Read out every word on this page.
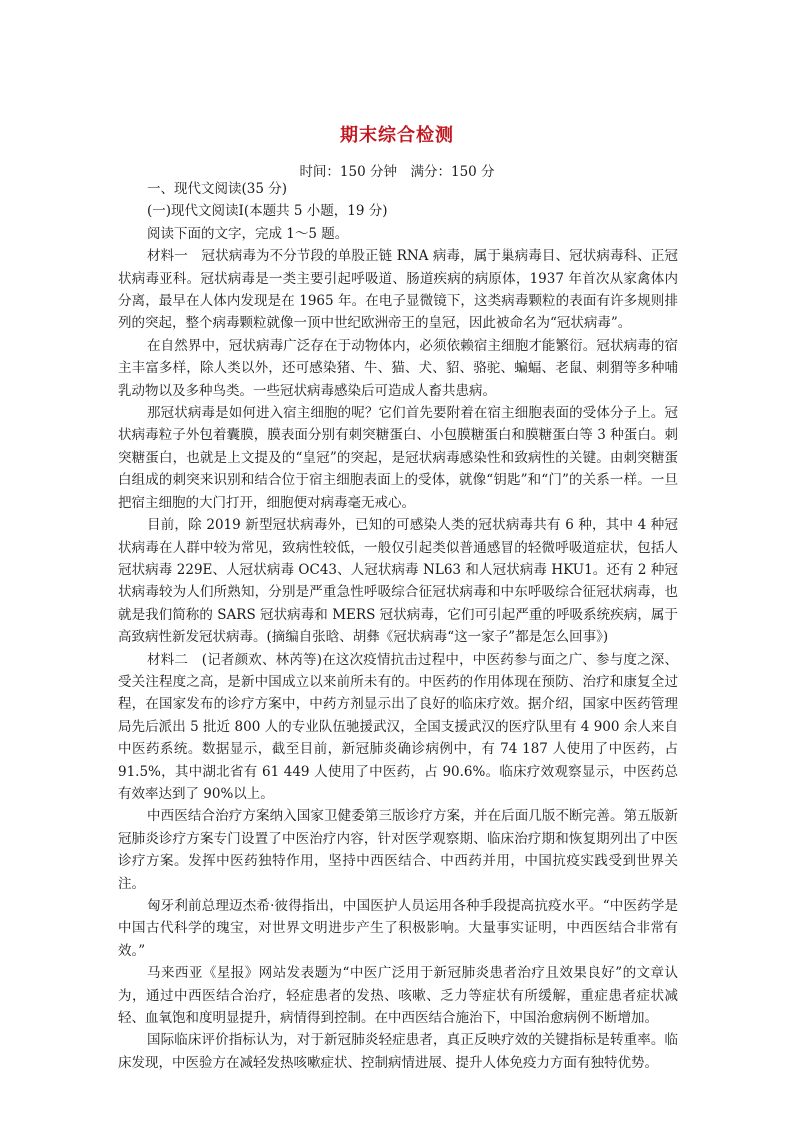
期末综合检测
时间：150 分钟　满分：150 分

一、现代文阅读(35 分)

(一)现代文阅读Ⅰ(本题共 5 小题，19 分)

阅读下面的文字，完成 1～5 题。

材料一　冠状病毒为不分节段的单股正链 RNA 病毒，属于巢病毒目、冠状病毒科、正冠状病毒亚科。冠状病毒是一类主要引起呼吸道、肠道疾病的病原体，1937 年首次从家禽体内分离，最早在人体内发现是在 1965 年。在电子显微镜下，这类病毒颗粒的表面有许多规则排列的突起，整个病毒颗粒就像一顶中世纪欧洲帝王的皇冠，因此被命名为“冠状病毒”。

在自然界中，冠状病毒广泛存在于动物体内，必须依赖宿主细胞才能繁衍。冠状病毒的宿主丰富多样，除人类以外，还可感染猪、牛、猫、犬、貂、骆驼、蝙蝠、老鼠、刺猬等多种哺乳动物以及多种鸟类。一些冠状病毒感染后可造成人畜共患病。

那冠状病毒是如何进入宿主细胞的呢？它们首先要附着在宿主细胞表面的受体分子上。冠状病毒粒子外包着囊膜，膜表面分别有刺突糖蛋白、小包膜糖蛋白和膜糖蛋白等 3 种蛋白。刺突糖蛋白，也就是上文提及的“皇冠”的突起，是冠状病毒感染性和致病性的关键。由刺突糖蛋白组成的刺突来识别和结合位于宿主细胞表面上的受体，就像“钥匙”和“门”的关系一样。一旦把宿主细胞的大门打开，细胞便对病毒毫无戒心。

目前，除 2019 新型冠状病毒外，已知的可感染人类的冠状病毒共有 6 种，其中 4 种冠状病毒在人群中较为常见，致病性较低，一般仅引起类似普通感冒的轻微呼吸道症状，包括人冠状病毒 229E、人冠状病毒 OC43、人冠状病毒 NL63 和人冠状病毒 HKU1。还有 2 种冠状病毒较为人们所熟知，分别是严重急性呼吸综合征冠状病毒和中东呼吸综合征冠状病毒，也就是我们简称的 SARS 冠状病毒和 MERS 冠状病毒，它们可引起严重的呼吸系统疾病，属于高致病性新发冠状病毒。(摘编自张晗、胡彝《冠状病毒“这一家子”都是怎么回事》)

材料二　(记者颜欢、林芮等)在这次疫情抗击过程中，中医药参与面之广、参与度之深、受关注程度之高，是新中国成立以来前所未有的。中医药的作用体现在预防、治疗和康复全过程，在国家发布的诊疗方案中，中药方剂显示出了良好的临床疗效。据介绍，国家中医药管理局先后派出 5 批近 800 人的专业队伍驰援武汉，全国支援武汉的医疗队里有 4 900 余人来自中医药系统。数据显示，截至目前，新冠肺炎确诊病例中，有 74 187 人使用了中医药，占 91.5%，其中湖北省有 61 449 人使用了中医药，占 90.6%。临床疗效观察显示，中医药总有效率达到了 90%以上。

中西医结合治疗方案纳入国家卫健委第三版诊疗方案，并在后面几版不断完善。第五版新冠肺炎诊疗方案专门设置了中医治疗内容，针对医学观察期、临床治疗期和恢复期列出了中医诊疗方案。发挥中医药独特作用，坚持中西医结合、中西药并用，中国抗疫实践受到世界关注。

匈牙利前总理迈杰希·彼得指出，中国医护人员运用各种手段提高抗疫水平。“中医药学是中国古代科学的瑰宝，对世界文明进步产生了积极影响。大量事实证明，中西医结合非常有效。”

马来西亚《星报》网站发表题为“中医广泛用于新冠肺炎患者治疗且效果良好”的文章认为，通过中西医结合治疗，轻症患者的发热、咳嗽、乏力等症状有所缓解，重症患者症状减轻、血氧饱和度明显提升，病情得到控制。在中西医结合施治下，中国治愈病例不断增加。

国际临床评价指标认为，对于新冠肺炎轻症患者，真正反映疗效的关键指标是转重率。临床发现，中医验方在减轻发热咳嗽症状、控制病情进展、提升人体免疫力方面有独特优势。
